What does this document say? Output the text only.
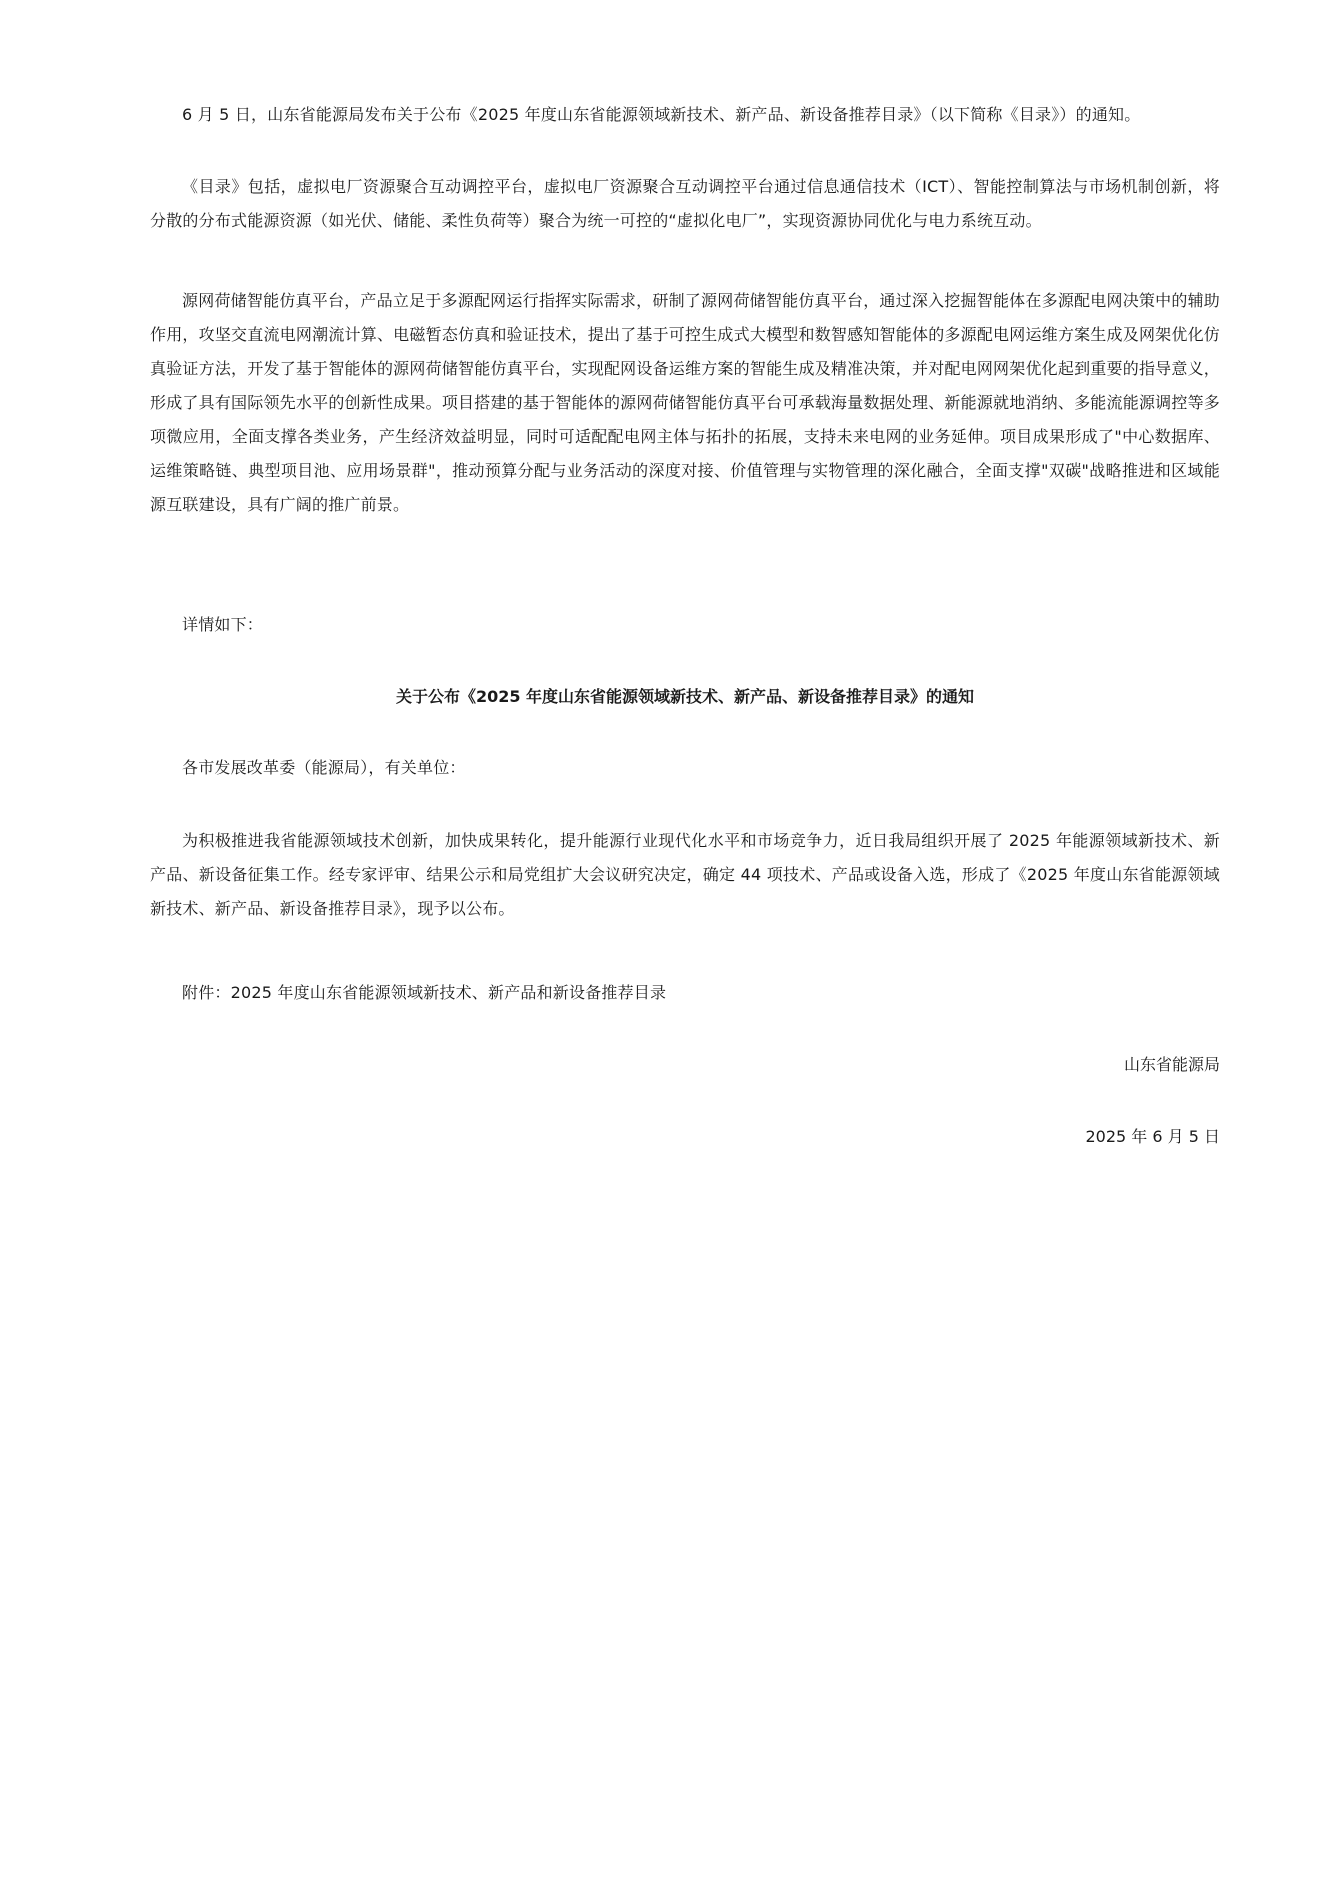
6 月 5 日，山东省能源局发布关于公布《2025 年度山东省能源领域新技术、新产品、新设备推荐目录》（以下简称《目录》）的通知。

《目录》包括，虚拟电厂资源聚合互动调控平台，虚拟电厂资源聚合互动调控平台通过信息通信技术（ICT）、智能控制算法与市场机制创新，将分散的分布式能源资源（如光伏、储能、柔性负荷等）聚合为统一可控的“虚拟化电厂”，实现资源协同优化与电力系统互动。

源网荷储智能仿真平台，产品立足于多源配网运行指挥实际需求，研制了源网荷储智能仿真平台，通过深入挖掘智能体在多源配电网决策中的辅助作用，攻坚交直流电网潮流计算、电磁暂态仿真和验证技术，提出了基于可控生成式大模型和数智感知智能体的多源配电网运维方案生成及网架优化仿真验证方法，开发了基于智能体的源网荷储智能仿真平台，实现配网设备运维方案的智能生成及精准决策，并对配电网网架优化起到重要的指导意义，形成了具有国际领先水平的创新性成果。项目搭建的基于智能体的源网荷储智能仿真平台可承载海量数据处理、新能源就地消纳、多能流能源调控等多项微应用，全面支撑各类业务，产生经济效益明显，同时可适配配电网主体与拓扑的拓展，支持未来电网的业务延伸。项目成果形成了"中心数据库、运维策略链、典型项目池、应用场景群"，推动预算分配与业务活动的深度对接、价值管理与实物管理的深化融合，全面支撑"双碳"战略推进和区域能源互联建设，具有广阔的推广前景。

详情如下：

关于公布《2025 年度山东省能源领域新技术、新产品、新设备推荐目录》的通知

各市发展改革委（能源局），有关单位：

为积极推进我省能源领域技术创新，加快成果转化，提升能源行业现代化水平和市场竞争力，近日我局组织开展了 2025 年能源领域新技术、新产品、新设备征集工作。经专家评审、结果公示和局党组扩大会议研究决定，确定 44 项技术、产品或设备入选，形成了《2025 年度山东省能源领域新技术、新产品、新设备推荐目录》，现予以公布。

附件：2025 年度山东省能源领域新技术、新产品和新设备推荐目录

山东省能源局
2025 年 6 月 5 日
